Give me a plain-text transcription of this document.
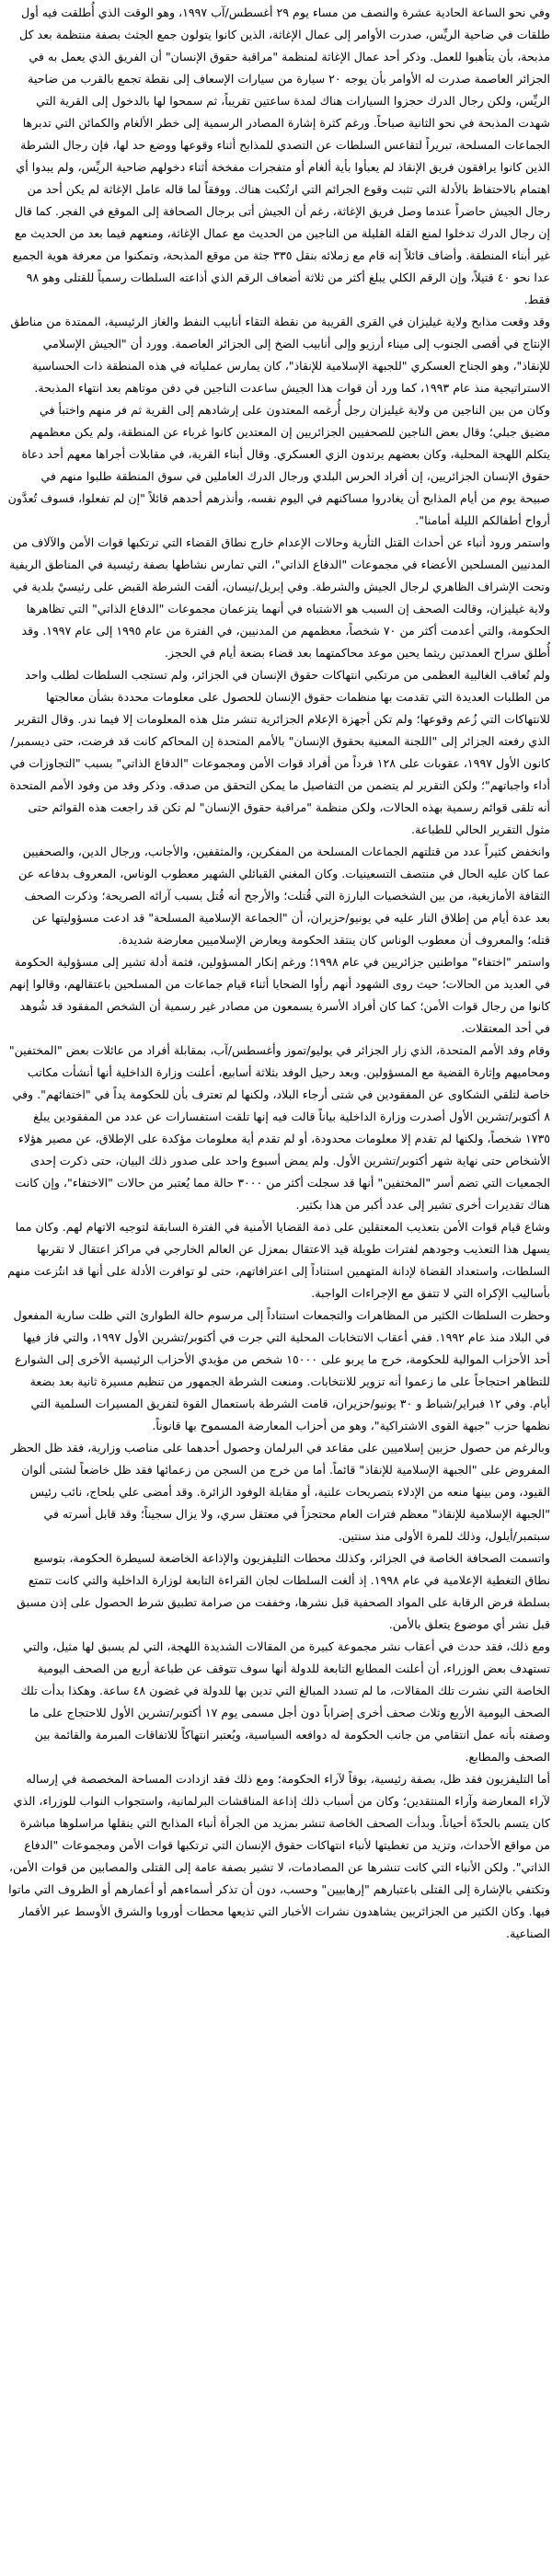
وفي نحو الساعة الحادية عشرة والنصف من مساء يوم ٢٩ أغسطس/آب ١٩٩٧، وهو الوقت الذي أُطلقت فيه أول طلقات في ضاحية الريِّس، صدرت الأوامر إلى عمال الإغاثة، الذين كانوا يتولون جمع الجثث بصفة منتظمة بعد كل مذبحة، بأن يتأهبوا للعمل. وذكر أحد عمال الإغاثة لمنظمة "مراقبة حقوق الإنسان" أن الفريق الذي يعمل به في الجزائر العاصمة صدرت له الأوامر بأن يوجه ٢٠ سيارة من سيارات الإسعاف إلى نقطة تجمع بالقرب من ضاحية الريِّس، ولكن رجال الدرك حجزوا السيارات هناك لمدة ساعتين تقريباً، ثم سمحوا لها بالدخول إلى القرية التي شهدت المذبحة في نحو الثانية صباحاً. ورغم كثرة إشارة المصادر الرسمية إلى خطر الألغام والكمائن التي تدبرها الجماعات المسلحة، تبريراً لتقاعس السلطات عن التصدي للمذابح أثناء وقوعها ووضع حد لها، فإن رجال الشرطة الذين كانوا يرافقون فريق الإنقاذ لم يعبأوا بأية ألغام أو متفجرات مفخخة أثناء دخولهم ضاحية الريِّس، ولم يبدوا أي اهتمام بالاحتفاظ بالأدلة التي تثبت وقوع الجرائم التي ارتُكبت هناك. ووفقاً لما قاله عامل الإغاثة لم يكن أحد من رجال الجيش حاضراً عندما وصل فريق الإغاثة، رغم أن الجيش أتى برجال الصحافة إلى الموقع في الفجر. كما قال إن رجال الدرك تدخلوا لمنع القلة القليلة من الناجين من الحديث مع عمال الإغاثة، ومنعهم فيما بعد من الحديث مع غير أبناء المنطقة. وأضاف قائلاً إنه قام مع زملائه بنقل ٣٣٥ جثة من موقع المذبحة، وتمكنوا من معرفة هوية الجميع عدا نحو ٤٠ قتيلاً، وإن الرقم الكلي يبلغ أكثر من ثلاثة أضعاف الرقم الذي أذاعته السلطات رسمياً للقتلى وهو ٩٨ فقط.

وقد وقعت مذابح ولاية غيليزان في القرى القريبة من نقطة التقاء أنابيب النفط والغاز الرئيسية، الممتدة من مناطق الإنتاج في أقصى الجنوب إلى ميناء أرزيو وإلى أنابيب الضخ إلى الجزائر العاصمة. وورد أن "الجيش الإسلامي للإنقاذ"، وهو الجناح العسكري "للجبهة الإسلامية للإنقاذ"، كان يمارس عملياته في هذه المنطقة ذات الحساسية الاستراتيجية منذ عام ١٩٩٣، كما ورد أن قوات هذا الجيش ساعدت الناجين في دفن موتاهم بعد انتهاء المذبحة.

وكان من بين الناجين من ولاية غيليزان رجل أُرغمه المعتدون على إرشادهم إلى القرية ثم فر منهم واختبأ في مضيق جبلي؛ وقال بعض الناجين للصحفيين الجزائريين إن المعتدين كانوا غرباء عن المنطقة، ولم يكن معظمهم يتكلم اللهجة المحلية، وكان بعضهم يرتدون الزي العسكري. وقال أبناء القرية، في مقابلات أجراها معهم أحد دعاة حقوق الإنسان الجزائريين، إن أفراد الحرس البلدي ورجال الدرك العاملين في سوق المنطقة طلبوا منهم في صبيحة يوم من أيام المذابح أن يغادروا مساكنهم في اليوم نفسه، وأنذرهم أحدهم قائلاً "إن لم تفعلوا، فسوف تُعدَّون أرواح أطفالكم الليلة أمامنا".

واستمر ورود أنباء عن أحداث القتل الثأرية وحالات الإعدام خارج نطاق القضاء التي ترتكبها قوات الأمن والآلاف من المدنيين المسلحين الأعضاء في مجموعات "الدفاع الذاتي"، التي تمارس نشاطها بصفة رئيسية في المناطق الريفية وتحت الإشراف الظاهري لرجال الجيش والشرطة. وفي إبريل/نيسان، ألقت الشرطة القبض على رئيسيْ بلدية في ولاية غيليزان، وقالت الصحف إن السبب هو الاشتباه في أنهما يتزعمان مجموعات "الدفاع الذاتي" التي تظاهرها الحكومة، والتي أعدمت أكثر من ٧٠ شخصاً، معظمهم من المدنيين، في الفترة من عام ١٩٩٥ إلى عام ١٩٩٧. وقد أُطلق سراح العمدتين ريثما يحين موعد محاكمتهما بعد قضاء بضعة أيام في الحجز.

ولم تُعاقب الغالبية العظمى من مرتكبي انتهاكات حقوق الإنسان في الجزائر، ولم تستجب السلطات لطلب واحد من الطلبات العديدة التي تقدمت بها منظمات حقوق الإنسان للحصول على معلومات محددة بشأن معالجتها للانتهاكات التي زُعم وقوعها؛ ولم تكن أجهزة الإعلام الجزائرية تنشر مثل هذه المعلومات إلا فيما ندر. وقال التقرير الذي رفعته الجزائر إلى "اللجنة المعنية بحقوق الإنسان" بالأمم المتحدة إن المحاكم كانت قد فرضت، حتى ديسمبر/كانون الأول ١٩٩٧، عقوبات على ١٢٨ فرداً من أفراد قوات الأمن ومجموعات "الدفاع الذاتي" بسبب "التجاوزات في أداء واجباتهم"؛ ولكن التقرير لم يتضمن من التفاصيل ما يمكن التحقق من صدقه. وذكر وفد من وفود الأمم المتحدة أنه تلقى قوائم رسمية بهذه الحالات، ولكن منظمة "مراقبة حقوق الإنسان" لم تكن قد راجعت هذه القوائم حتى مثول التقرير الحالي للطباعة.

وانخفض كثيراً عدد من قتلتهم الجماعات المسلحة من المفكرين، والمثقفين، والأجانب، ورجال الدين، والصحفيين عما كان عليه الحال في منتصف التسعينيات. وكان المغني القبائلي الشهير معطوب الوناس، المعروف بدفاعه عن الثقافة الأمازيغية، من بين الشخصيات البارزة التي قُتلت؛ والأرجح أنه قُتل بسبب آرائه الصريحة؛ وذكرت الصحف بعد عدة أيام من إطلاق النار عليه في يونيو/حزيران، أن "الجماعة الإسلامية المسلحة" قد ادعت مسؤوليتها عن قتله؛ والمعروف أن معطوب الوناس كان ينتقد الحكومة ويعارض الإسلاميين معارضة شديدة.

واستمر "اختفاء" مواطنين جزائريين في عام ١٩٩٨؛ ورغم إنكار المسؤولين، فثمة أدلة تشير إلى مسؤولية الحكومة في العديد من الحالات؛ حيث روى الشهود أنهم رأوا الضحايا أثناء قيام جماعات من المسلحين باعتقالهم، وقالوا إنهم كانوا من رجال قوات الأمن؛ كما كان أفراد الأسرة يسمعون من مصادر غير رسمية أن الشخص المفقود قد شُوهد في أحد المعتقلات.

وقام وفد الأمم المتحدة، الذي زار الجزائر في يوليو/تموز وأغسطس/آب، بمقابلة أفراد من عائلات بعض "المختفين" ومحاميهم وإثارة القضية مع المسؤولين. وبعد رحيل الوفد بثلاثة أسابيع، أعلنت وزارة الداخلية أنها أنشأت مكاتب خاصة لتلقي الشكاوى عن المفقودين في شتى أرجاء البلاد، ولكنها لم تعترف بأن للحكومة يداً في "اختفائهم". وفي ٨ أكتوبر/تشرين الأول أصدرت وزارة الداخلية بياناً قالت فيه إنها تلقت استفسارات عن عدد من المفقودين يبلغ ١٧٣٥ شخصاً، ولكنها لم تقدم إلا معلومات محدودة، أو لم تقدم أية معلومات مؤكدة على الإطلاق، عن مصير هؤلاء الأشخاص حتى نهاية شهر أكتوبر/تشرين الأول. ولم يمض أسبوع واحد على صدور ذلك البيان، حتى ذكرت إحدى الجمعيات التي تضم أسر "المختفين" أنها قد سجلت أكثر من ٣٠٠٠ حالة مما يُعتبر من حالات "الاختفاء"، وإن كانت هناك تقديرات أخرى تشير إلى عدد أكبر من هذا بكثير.

وشاع قيام قوات الأمن بتعذيب المعتقلين على ذمة القضايا الأمنية في الفترة السابقة لتوجيه الاتهام لهم. وكان مما يسهل هذا التعذيب وجودهم لفترات طويلة قيد الاعتقال بمعزل عن العالم الخارجي في مراكز اعتقال لا تقربها السلطات، واستعداد القضاة لإدانة المتهمين استناداً إلى اعترافاتهم، حتى لو توافرت الأدلة على أنها قد انتُزعت منهم بأساليب الإكراه التي لا تتفق مع الإجراءات الواجبة.

وحظرت السلطات الكثير من المظاهرات والتجمعات استناداً إلى مرسوم حالة الطوارئ التي ظلت سارية المفعول في البلاد منذ عام ١٩٩٢. ففي أعقاب الانتخابات المحلية التي جرت في أكتوبر/تشرين الأول ١٩٩٧، والتي فاز فيها أحد الأحزاب الموالية للحكومة، خرج ما يربو على ١٥٠٠٠ شخص من مؤيدي الأحزاب الرئيسية الأخرى إلى الشوارع للتظاهر احتجاجاً على ما زعموا أنه تزوير للانتخابات. ومنعت الشرطة الجمهور من تنظيم مسيرة ثانية بعد بضعة أيام. وفي ١٢ فبراير/شباط و ٣٠ يونيو/حزيران، قامت الشرطة باستعمال القوة لتفريق المسيرات السلمية التي نظمها حزب "جبهة القوى الاشتراكية"، وهو من أحزاب المعارضة المسموح بها قانوناً.

وبالرغم من حصول حزبين إسلاميين على مقاعد في البرلمان وحصول أحدهما على مناصب وزارية، فقد ظل الحظر المفروض على "الجبهة الإسلامية للإنقاذ" قائماً. أما من خرج من السجن من زعمائها فقد ظل خاضعاً لشتى ألوان القيود، ومن بينها منعه من الإدلاء بتصريحات علنية، أو مقابلة الوفود الزائرة. وقد أمضى علي بلحاج، نائب رئيس "الجبهة الإسلامية للإنقاذ" معظم فترات العام محتجزاً في معتقل سري، ولا يزال سجيناً؛ وقد قابل أسرته في سبتمبر/أيلول، وذلك للمرة الأولى منذ سنتين.

واتسمت الصحافة الخاصة في الجزائر، وكذلك محطات التليفزيون والإذاعة الخاضعة لسيطرة الحكومة، بتوسيع نطاق التغطية الإعلامية في عام ١٩٩٨. إذ ألغت السلطات لجان القراءة التابعة لوزارة الداخلية والتي كانت تتمتع بسلطة فرض الرقابة على المواد الصحفية قبل نشرها، وخففت من صرامة تطبيق شرط الحصول على إذن مسبق قبل نشر أي موضوع يتعلق بالأمن.

ومع ذلك، فقد حدث في أعقاب نشر مجموعة كبيرة من المقالات الشديدة اللهجة، التي لم يسبق لها مثيل، والتي تستهدف بعض الوزراء، أن أعلنت المطابع التابعة للدولة أنها سوف تتوقف عن طباعة أربع من الصحف اليومية الخاصة التي نشرت تلك المقالات، ما لم تسدد المبالغ التي تدين بها للدولة في غضون ٤٨ ساعة. وهكذا بدأت تلك الصحف اليومية الأربع وثلاث صحف أخرى إضراباً دون أجل مسمى يوم ١٧ أكتوبر/تشرين الأول للاحتجاج على ما وصفته بأنه عمل انتقامي من جانب الحكومة له دوافعه السياسية، ويُعتبر انتهاكاً للاتفاقات المبرمة والقائمة بين الصحف والمطابع.

أما التليفزيون فقد ظل، بصفة رئيسية، بوقاً لآراء الحكومة؛ ومع ذلك فقد ازدادت المساحة المخصصة في إرساله لآراء المعارضة وآراء المنتقدين؛ وكان من أسباب ذلك إذاعة المناقشات البرلمانية، واستجواب النواب للوزراء، الذي كان يتسم بالحدّة أحياناً. وبدأت الصحف الخاصة تنشر بمزيد من الجرأة أنباء المذابح التي ينقلها مراسلوها مباشرة من مواقع الأحداث، وتزيد من تغطيتها لأنباء انتهاكات حقوق الإنسان التي ترتكبها قوات الأمن ومجموعات "الدفاع الذاتي". ولكن الأنباء التي كانت تنشرها عن المصادمات، لا تشير بصفة عامة إلى القتلى والمصابين من قوات الأمن، وتكتفي بالإشارة إلى القتلى باعتبارهم "إرهابيين" وحسب، دون أن تذكر أسماءهم أو أعمارهم أو الظروف التي ماتوا فيها. وكان الكثير من الجزائريين يشاهدون نشرات الأخبار التي تذيعها محطات أوروبا والشرق الأوسط عبر الأقمار الصناعية.
